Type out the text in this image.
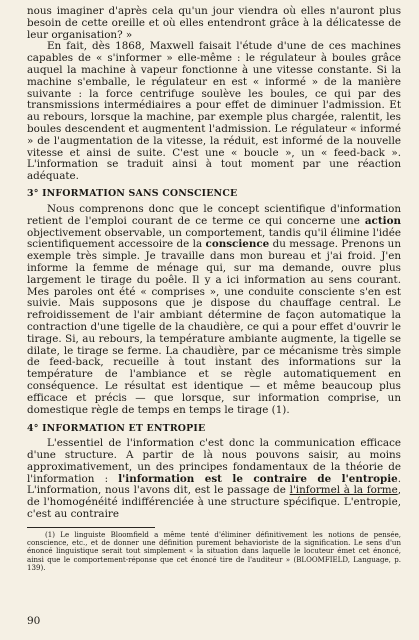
nous imaginer d'après cela qu'un jour viendra où elles n'auront plus besoin de cette oreille et où elles entendront grâce à la délicatesse de leur organisation? »

En fait, dès 1868, Maxwell faisait l'étude d'une de ces machines capables de « s'informer » elle-même : le régulateur à boules grâce auquel la machine à vapeur fonctionne à une vitesse constante. Si la machine s'emballe, le régulateur en est « informé » de la manière suivante : la force centrifuge soulève les boules, ce qui par des transmissions intermédiaires a pour effet de diminuer l'admission. Et au rebours, lorsque la machine, par exemple plus chargée, ralentit, les boules descendent et augmentent l'admission. Le régulateur « informé » de l'augmentation de la vitesse, la réduit, est informé de la nouvelle vitesse et ainsi de suite. C'est une « boucle », un « feed-back ». L'information se traduit ainsi à tout moment par une réaction adéquate.

3° INFORMATION SANS CONSCIENCE

Nous comprenons donc que le concept scientifique d'information retient de l'emploi courant de ce terme ce qui concerne une action objectivement observable, un comportement, tandis qu'il élimine l'idée scientifiquement accessoire de la conscience du message. Prenons un exemple très simple. Je travaille dans mon bureau et j'ai froid. J'en informe la femme de ménage qui, sur ma demande, ouvre plus largement le tirage du poêle. Il y a ici information au sens courant. Mes paroles ont été « comprises », une conduite consciente s'en est suivie. Mais supposons que je dispose du chauffage central. Le refroidissement de l'air ambiant détermine de façon automatique la contraction d'une tigelle de la chaudière, ce qui a pour effet d'ouvrir le tirage. Si, au rebours, la température ambiante augmente, la tigelle se dilate, le tirage se ferme. La chaudière, par ce mécanisme très simple de feed-back, recueille à tout instant des informations sur la température de l'ambiance et se règle automatiquement en conséquence. Le résultat est identique — et même beaucoup plus efficace et précis — que lorsque, sur information comprise, un domestique règle de temps en temps le tirage (1).

4° INFORMATION ET ENTROPIE

L'essentiel de l'information c'est donc la communication efficace d'une structure. A partir de là nous pouvons saisir, au moins approximativement, un des principes fondamentaux de la théorie de l'information : l'information est le contraire de l'entropie. L'information, nous l'avons dit, est le passage de l'informel à la forme, de l'homogénéité indifférenciée à une structure spécifique. L'entropie, c'est au contraire

(1) Le linguiste Bloomfield a même tenté d'éliminer définitivement les notions de pensée, conscience, etc., et de donner une définition purement behavioriste de la signification. Le sens d'un énoncé linguistique serait tout simplement « la situation dans laquelle le locuteur émet cet énoncé, ainsi que le comportement-réponse que cet énoncé tire de l'auditeur » (BLOOMFIELD, Language, p. 139).

90
